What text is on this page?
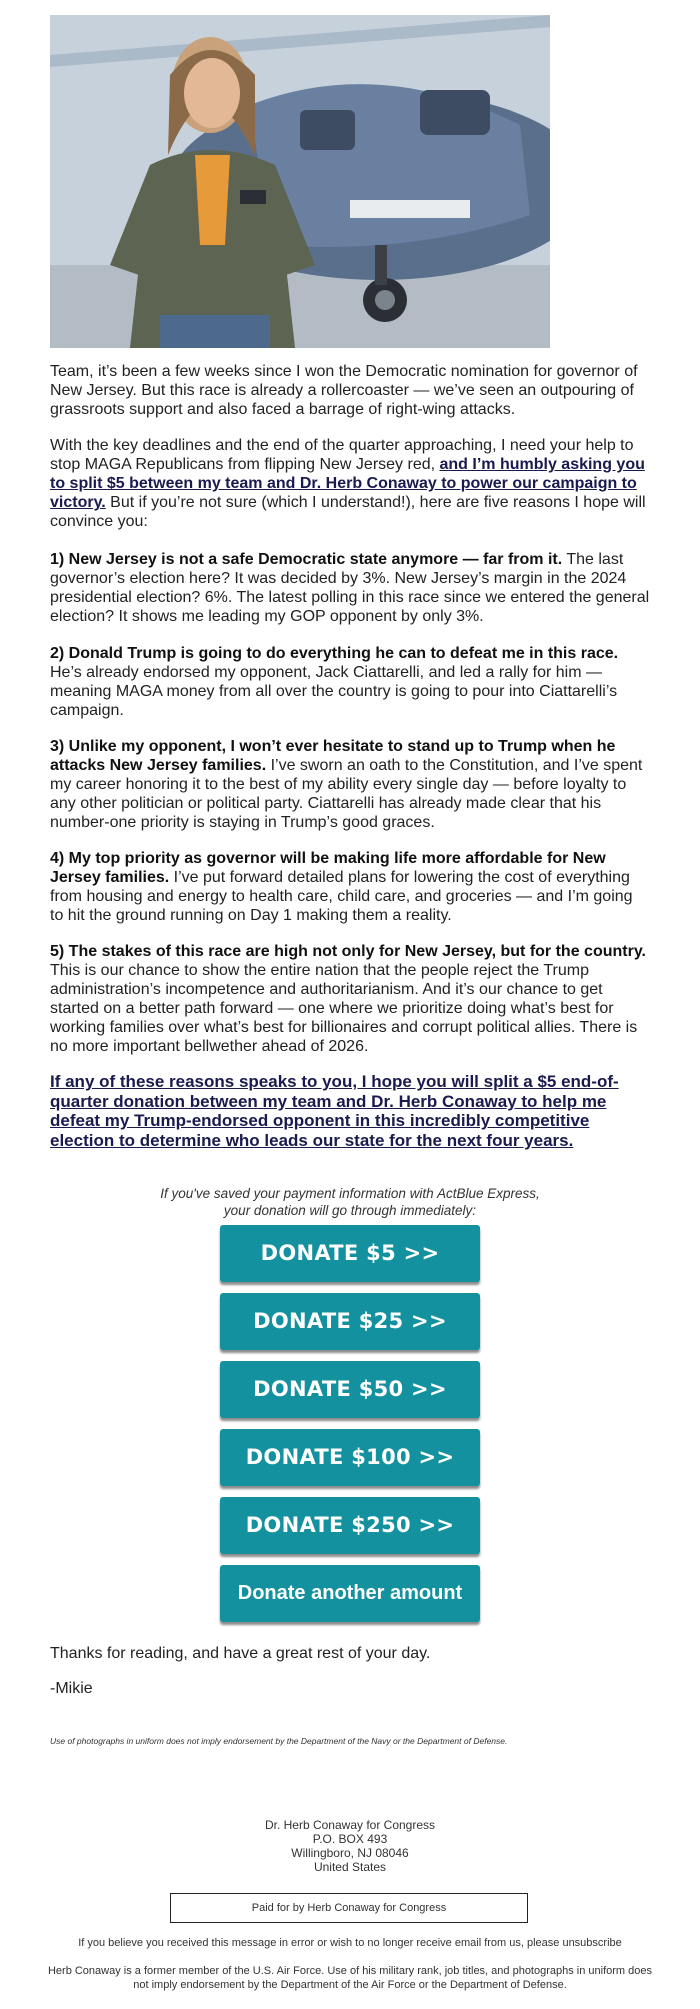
Team, it’s been a few weeks since I won the Democratic nomination for governor of New Jersey. But this race is already a rollercoaster — we’ve seen an outpouring of grassroots support and also faced a barrage of right-wing attacks.

With the key deadlines and the end of the quarter approaching, I need your help to stop MAGA Republicans from flipping New Jersey red, and I’m humbly asking you to split $5 between my team and Dr. Herb Conaway to power our campaign to victory. But if you’re not sure (which I understand!), here are five reasons I hope will convince you:

1) New Jersey is not a safe Democratic state anymore — far from it. The last governor’s election here? It was decided by 3%. New Jersey’s margin in the 2024 presidential election? 6%. The latest polling in this race since we entered the general election? It shows me leading my GOP opponent by only 3%.

2) Donald Trump is going to do everything he can to defeat me in this race. He’s already endorsed my opponent, Jack Ciattarelli, and led a rally for him — meaning MAGA money from all over the country is going to pour into Ciattarelli’s campaign.

3) Unlike my opponent, I won’t ever hesitate to stand up to Trump when he attacks New Jersey families. I’ve sworn an oath to the Constitution, and I’ve spent my career honoring it to the best of my ability every single day — before loyalty to any other politician or political party. Ciattarelli has already made clear that his number-one priority is staying in Trump’s good graces.

4) My top priority as governor will be making life more affordable for New Jersey families. I’ve put forward detailed plans for lowering the cost of everything from housing and energy to health care, child care, and groceries — and I’m going to hit the ground running on Day 1 making them a reality.

5) The stakes of this race are high not only for New Jersey, but for the country. This is our chance to show the entire nation that the people reject the Trump administration’s incompetence and authoritarianism. And it’s our chance to get started on a better path forward — one where we prioritize doing what’s best for working families over what’s best for billionaires and corrupt political allies. There is no more important bellwether ahead of 2026.

If any of these reasons speaks to you, I hope you will split a $5 end-of-quarter donation between my team and Dr. Herb Conaway to help me defeat my Trump-endorsed opponent in this incredibly competitive election to determine who leads our state for the next four years.
If you've saved your payment information with ActBlue Express,
your donation will go through immediately:
DONATE $5 >>
DONATE $25 >>
DONATE $50 >>
DONATE $100 >>
DONATE $250 >>
Donate another amount

Thanks for reading, and have a great rest of your day.

-Mikie

Use of photographs in uniform does not imply endorsement by the Department of the Navy or the Department of Defense.
Dr. Herb Conaway for Congress
P.O. BOX 493
Willingboro, NJ 08046
United States
Paid for by Herb Conaway for Congress
If you believe you received this message in error or wish to no longer receive email from us, please unsubscribe
Herb Conaway is a former member of the U.S. Air Force. Use of his military rank, job titles, and photographs in uniform does not imply endorsement by the Department of the Air Force or the Department of Defense.
